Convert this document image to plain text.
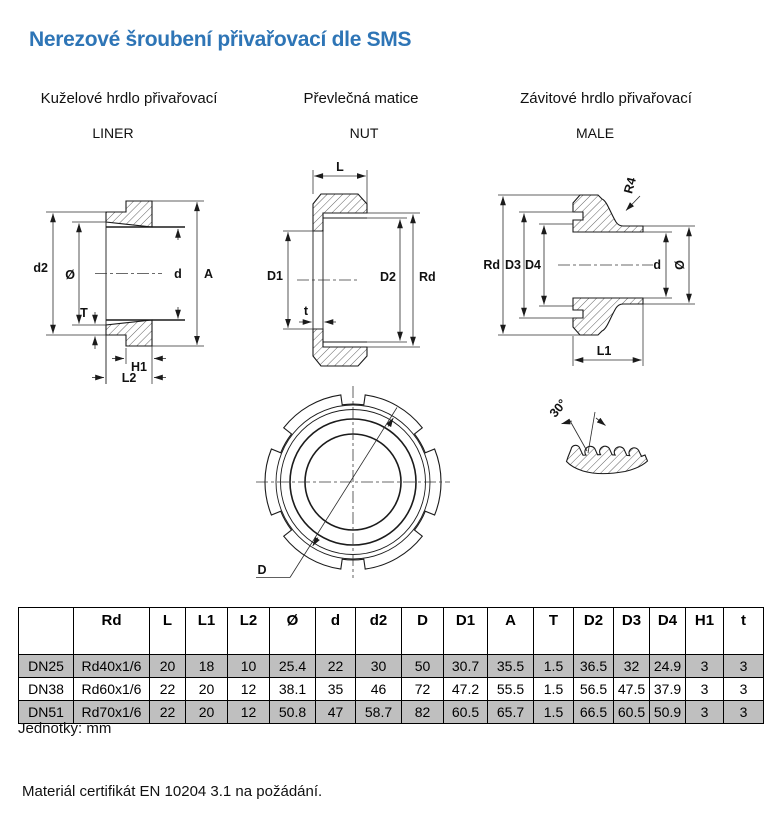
d2 Ø
T
d A
H1
L2
L
D1	D2 Rd
t
R4
Rd D3 D4	d Ø
L1
D
30°
Nerezové šroubení přivařovací dle SMS
Kuželové hrdlo přivařovací	Převlečná matice	Závitové hrdlo přivařovací
LINER	NUT	MALE
	Rd	L	L1	L2	Ø	d	d2	D	D1	A	T	D2	D3	D4	H1	t
DN25	Rd40x1/6	20	18	10	25.4	22	30	50	30.7	35.5	1.5	36.5	32	24.9	3	3
DN38	Rd60x1/6	22	20	12	38.1	35	46	72	47.2	55.5	1.5	56.5	47.5	37.9	3	3
DN51	Rd70x1/6	22	20	12	50.8	47	58.7	82	60.5	65.7	1.5	66.5	60.5	50.9	3	3
Jednotky: mm
Materiál certifikát EN 10204 3.1 na požádání.
